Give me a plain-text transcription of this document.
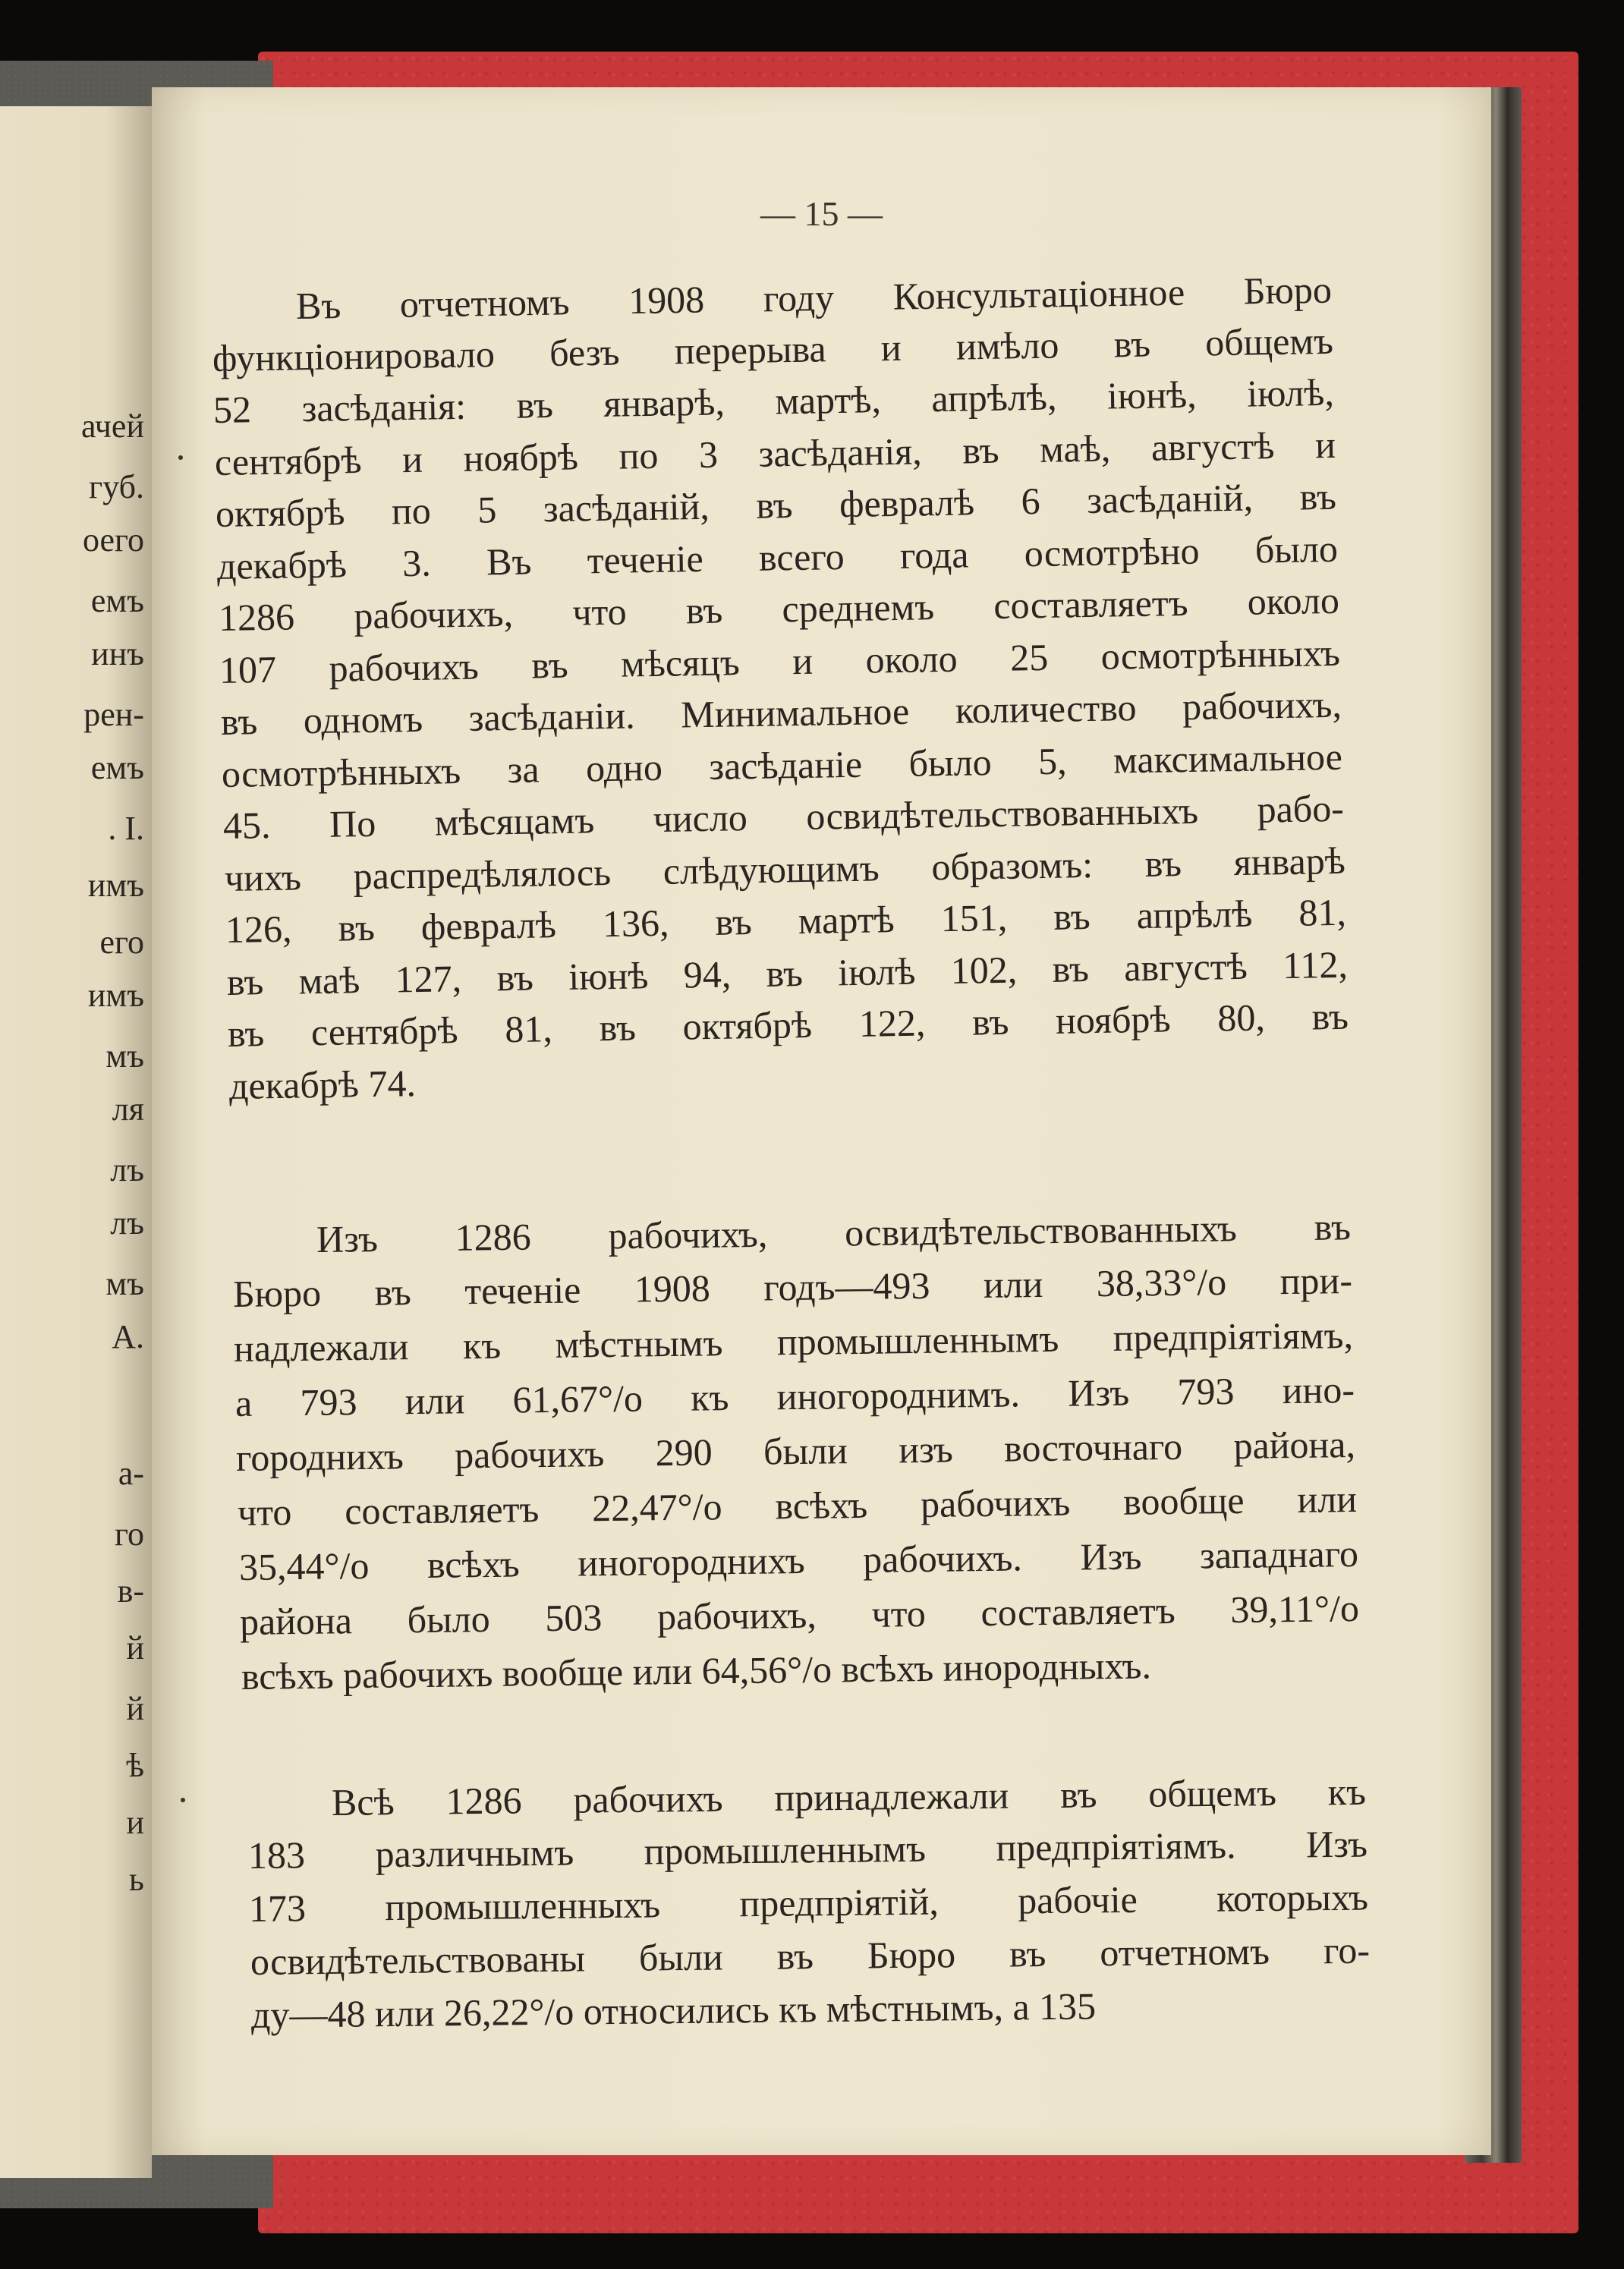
ачей
губ.
оего
емъ
инъ
рен-
емъ
. I.
имъ
его
имъ
мъ
ля
лъ
лъ
мъ
А.
а-
го
в-
й
й
ѣ
и
ь
— 15 —
Въ отчетномъ 1908 году Консультаціонное Бюро
функціонировало безъ перерыва и имѣло въ общемъ
52 засѣданія: въ январѣ, мартѣ, апрѣлѣ, іюнѣ, іюлѣ,
сентябрѣ и ноябрѣ по 3 засѣданія, въ маѣ, августѣ и
октябрѣ по 5 засѣданій, въ февралѣ 6 засѣданій, въ
декабрѣ 3. Въ теченіе всего года осмотрѣно было
1286 рабочихъ, что въ среднемъ составляетъ около
107 рабочихъ въ мѣсяцъ и около 25 осмотрѣнныхъ
въ одномъ засѣданіи. Минимальное количество рабочихъ,
осмотрѣнныхъ за одно засѣданіе было 5, максимальное
45. По мѣсяцамъ число освидѣтельствованныхъ рабо-
чихъ распредѣлялось слѣдующимъ образомъ: въ январѣ
126, въ февралѣ 136, въ мартѣ 151, въ апрѣлѣ 81,
въ маѣ 127, въ іюнѣ 94, въ іюлѣ 102, въ августѣ 112,
въ сентябрѣ 81, въ октябрѣ 122, въ ноябрѣ 80, въ
декабрѣ 74.
Изъ 1286 рабочихъ, освидѣтельствованныхъ въ
Бюро въ теченіе 1908 годъ—493 или 38,33°/о при-
надлежали къ мѣстнымъ промышленнымъ предпріятіямъ,
а 793 или 61,67°/о къ иногороднимъ. Изъ 793 ино-
городнихъ рабочихъ 290 были изъ восточнаго района,
что составляетъ 22,47°/о всѣхъ рабочихъ вообще или
35,44°/о всѣхъ иногороднихъ рабочихъ. Изъ западнаго
района было 503 рабочихъ, что составляетъ 39,11°/о
всѣхъ рабочихъ вообще или 64,56°/о всѣхъ инородныхъ.
Всѣ 1286 рабочихъ принадлежали въ общемъ къ
183 различнымъ промышленнымъ предпріятіямъ. Изъ
173 промышленныхъ предпріятій, рабочіе которыхъ
освидѣтельствованы были въ Бюро въ отчетномъ го-
ду—48 или 26,22°/о относились къ мѣстнымъ, а 135
